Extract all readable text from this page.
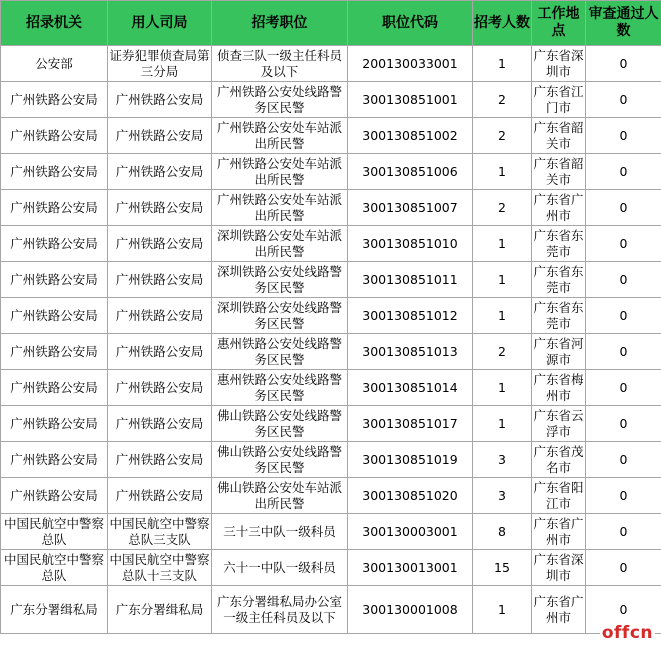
招录机关	用人司局	招考职位	职位代码	招考人数	工作地点	审查通过人数
公安部	证券犯罪侦查局第三分局	侦查三队一级主任科员及以下	200130033001	1	广东省深圳市	0
广州铁路公安局	广州铁路公安局	广州铁路公安处线路警务区民警	300130851001	2	广东省江门市	0
广州铁路公安局	广州铁路公安局	广州铁路公安处车站派出所民警	300130851002	2	广东省韶关市	0
广州铁路公安局	广州铁路公安局	广州铁路公安处车站派出所民警	300130851006	1	广东省韶关市	0
广州铁路公安局	广州铁路公安局	广州铁路公安处车站派出所民警	300130851007	2	广东省广州市	0
广州铁路公安局	广州铁路公安局	深圳铁路公安处车站派出所民警	300130851010	1	广东省东莞市	0
广州铁路公安局	广州铁路公安局	深圳铁路公安处线路警务区民警	300130851011	1	广东省东莞市	0
广州铁路公安局	广州铁路公安局	深圳铁路公安处线路警务区民警	300130851012	1	广东省东莞市	0
广州铁路公安局	广州铁路公安局	惠州铁路公安处线路警务区民警	300130851013	2	广东省河源市	0
广州铁路公安局	广州铁路公安局	惠州铁路公安处线路警务区民警	300130851014	1	广东省梅州市	0
广州铁路公安局	广州铁路公安局	佛山铁路公安处线路警务区民警	300130851017	1	广东省云浮市	0
广州铁路公安局	广州铁路公安局	佛山铁路公安处线路警务区民警	300130851019	3	广东省茂名市	0
广州铁路公安局	广州铁路公安局	佛山铁路公安处车站派出所民警	300130851020	3	广东省阳江市	0
中国民航空中警察总队	中国民航空中警察总队三支队	三十三中队一级科员	300130003001	8	广东省广州市	0
中国民航空中警察总队	中国民航空中警察总队十三支队	六十一中队一级科员	300130013001	15	广东省深圳市	0
广东分署缉私局	广东分署缉私局	广东分署缉私局办公室一级主任科员及以下	300130001008	1	广东省广州市	0
offcn
